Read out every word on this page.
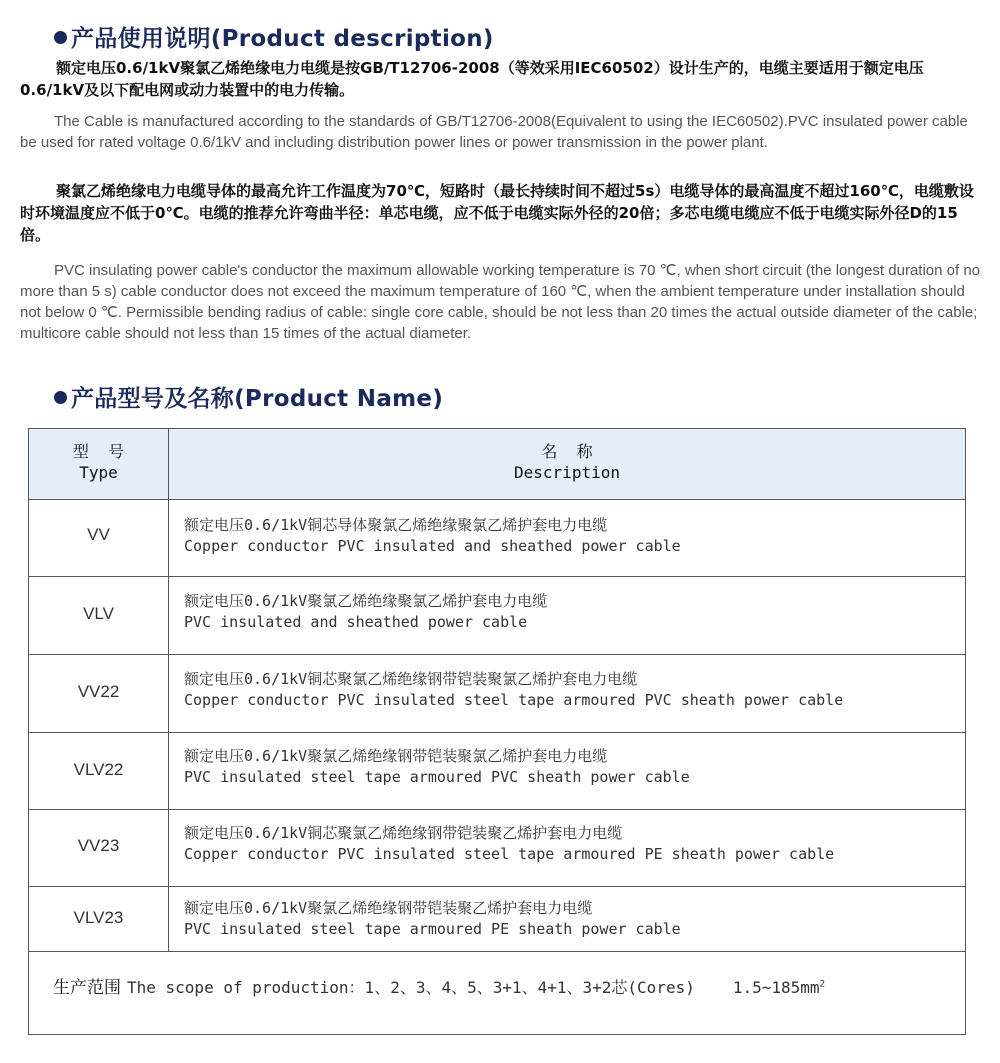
产品使用说明(Product description)

额定电压0.6/1kV聚氯乙烯绝缘电力电缆是按GB/T12706-2008（等效采用IEC60502）设计生产的，电缆主要适用于额定电压0.6/1kV及以下配电网或动力装置中的电力传输。

The Cable is manufactured according to the standards of GB/T12706-2008(Equivalent to using the IEC60502).PVC insulated power cable be used for rated voltage 0.6/1kV and including distribution power lines or power transmission in the power plant.

聚氯乙烯绝缘电力电缆导体的最高允许工作温度为70℃，短路时（最长持续时间不超过5s）电缆导体的最高温度不超过160℃，电缆敷设时环境温度应不低于0℃。电缆的推荐允许弯曲半径：单芯电缆，应不低于电缆实际外径的20倍；多芯电缆电缆应不低于电缆实际外径D的15倍。

PVC insulating power cable's conductor the maximum allowable working temperature is 70 ℃, when short circuit (the longest duration of no more than 5 s) cable conductor does not exceed the maximum temperature of 160 ℃, when the ambient temperature under installation should not below 0 ℃. Permissible bending radius of cable: single core cable, should be not less than 20 times the actual outside diameter of the cable; multicore cable should not less than 15 times of the actual diameter.

产品型号及名称(Product Name)
型  号
Type
名  称
Description
VV	额定电压0.6/1kV铜芯导体聚氯乙烯绝缘聚氯乙烯护套电力电缆
Copper conductor PVC insulated and sheathed power cable
VLV
额定电压0.6/1kV聚氯乙烯绝缘聚氯乙烯护套电力电缆
PVC insulated and sheathed power cable
VV22
额定电压0.6/1kV铜芯聚氯乙烯绝缘钢带铠装聚氯乙烯护套电力电缆
Copper conductor PVC insulated steel tape armoured PVC sheath power cable
VLV22
额定电压0.6/1kV聚氯乙烯绝缘钢带铠装聚氯乙烯护套电力电缆
PVC insulated steel tape armoured PVC sheath power cable
VV23
额定电压0.6/1kV铜芯聚氯乙烯绝缘钢带铠装聚乙烯护套电力电缆
Copper conductor PVC insulated steel tape armoured PE sheath power cable
VLV23	额定电压0.6/1kV聚氯乙烯绝缘钢带铠装聚乙烯护套电力电缆
PVC insulated steel tape armoured PE sheath power cable
生产范围 The scope of production：1、2、3、4、5、3+1、4+1、3+2芯(Cores) $1.5\sim 185mm^2$
